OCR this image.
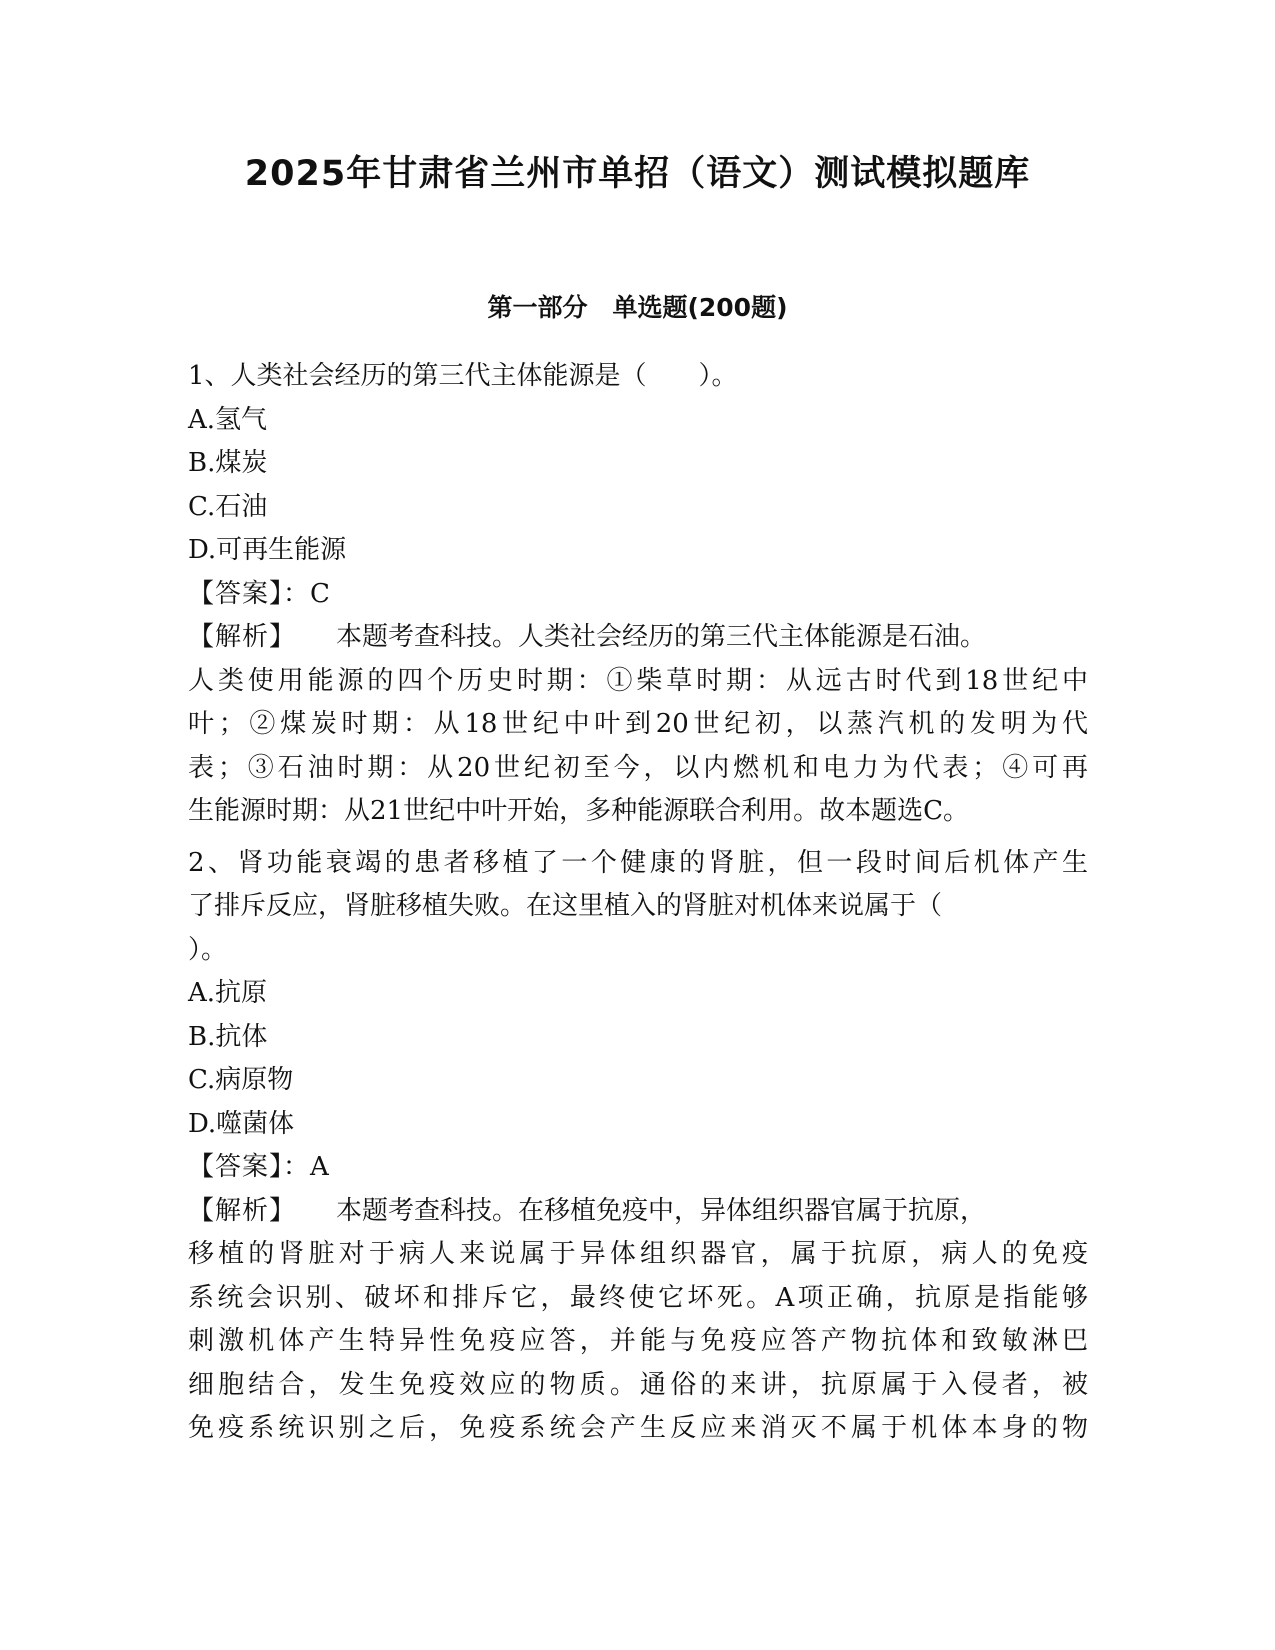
2025年甘肃省兰州市单招（语文）测试模拟题库
第一部分　单选题(200题)
1、人类社会经历的第三代主体能源是（　　）。
A.氢气
B.煤炭
C.石油
D.可再生能源
【答案】：C
【解析】 本题考查科技。人类社会经历的第三代主体能源是石油。
人类使用能源的四个历史时期：①柴草时期：从远古时代到18世纪中
叶；②煤炭时期：从18世纪中叶到20世纪初，以蒸汽机的发明为代
表；③石油时期：从20世纪初至今，以内燃机和电力为代表；④可再
生能源时期：从21世纪中叶开始，多种能源联合利用。故本题选C。
2、肾功能衰竭的患者移植了一个健康的肾脏，但一段时间后机体产生
了排斥反应，肾脏移植失败。在这里植入的肾脏对机体来说属于（
）。
A.抗原
B.抗体
C.病原物
D.噬菌体
【答案】：A
【解析】 本题考查科技。在移植免疫中，异体组织器官属于抗原，
移植的肾脏对于病人来说属于异体组织器官，属于抗原，病人的免疫
系统会识别、破坏和排斥它，最终使它坏死。A项正确，抗原是指能够
刺激机体产生特异性免疫应答，并能与免疫应答产物抗体和致敏淋巴
细胞结合，发生免疫效应的物质。通俗的来讲，抗原属于入侵者，被
免疫系统识别之后，免疫系统会产生反应来消灭不属于机体本身的物
